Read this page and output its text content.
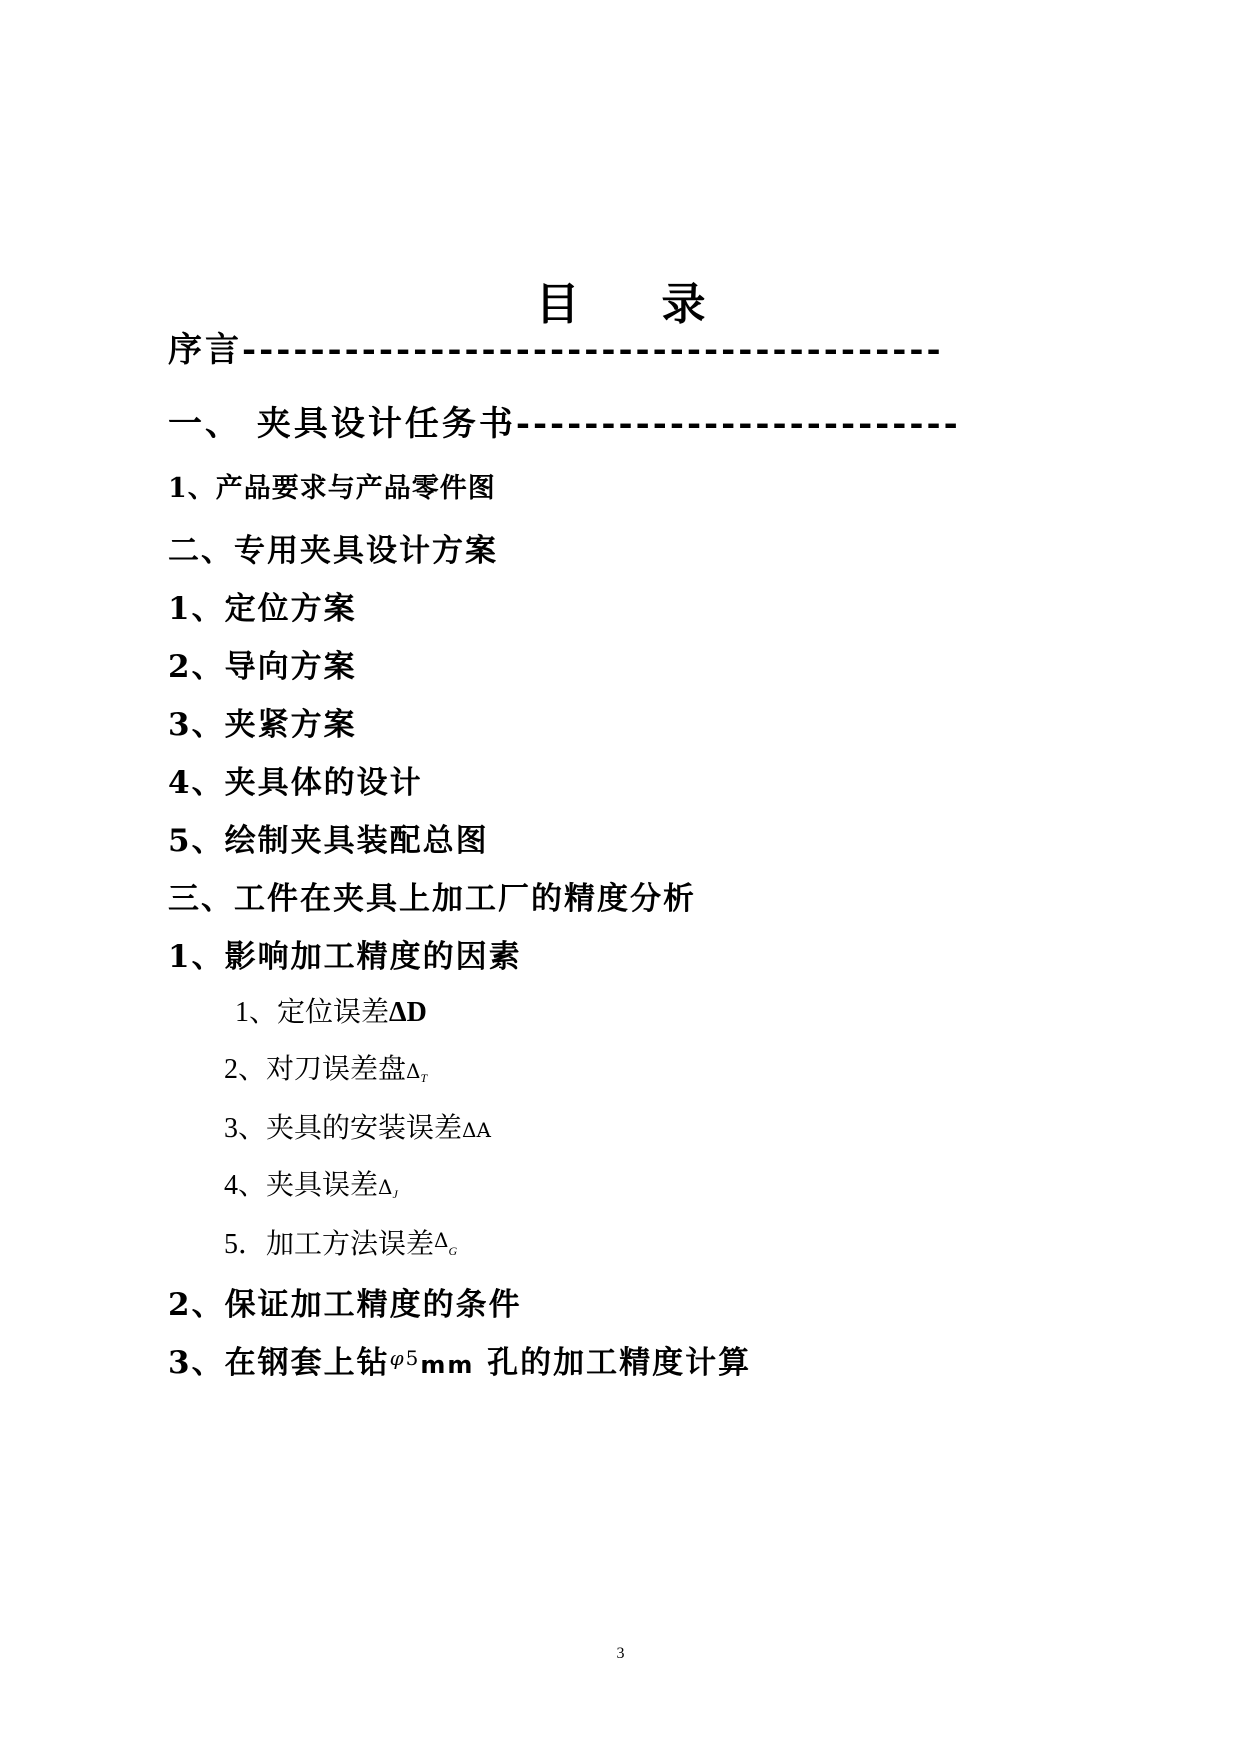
目 录
序言-----------------------------------------
一、 夹具设计任务书--------------------------
1、产品要求与产品零件图
二、专用夹具设计方案
1、定位方案
2、导向方案
3、夹紧方案
4、夹具体的设计
5、绘制夹具装配总图
三、工件在夹具上加工厂的精度分析
1、影响加工精度的因素
1、定位误差ΔD
2、对刀误差盘ΔT
3、夹具的安装误差ΔA
4、夹具误差ΔJ
5．加工方法误差$^\Delta$G
2、保证加工精度的条件
3、在钢套上钻$^{\varphi 5}$mm 孔的加工精度计算
3
